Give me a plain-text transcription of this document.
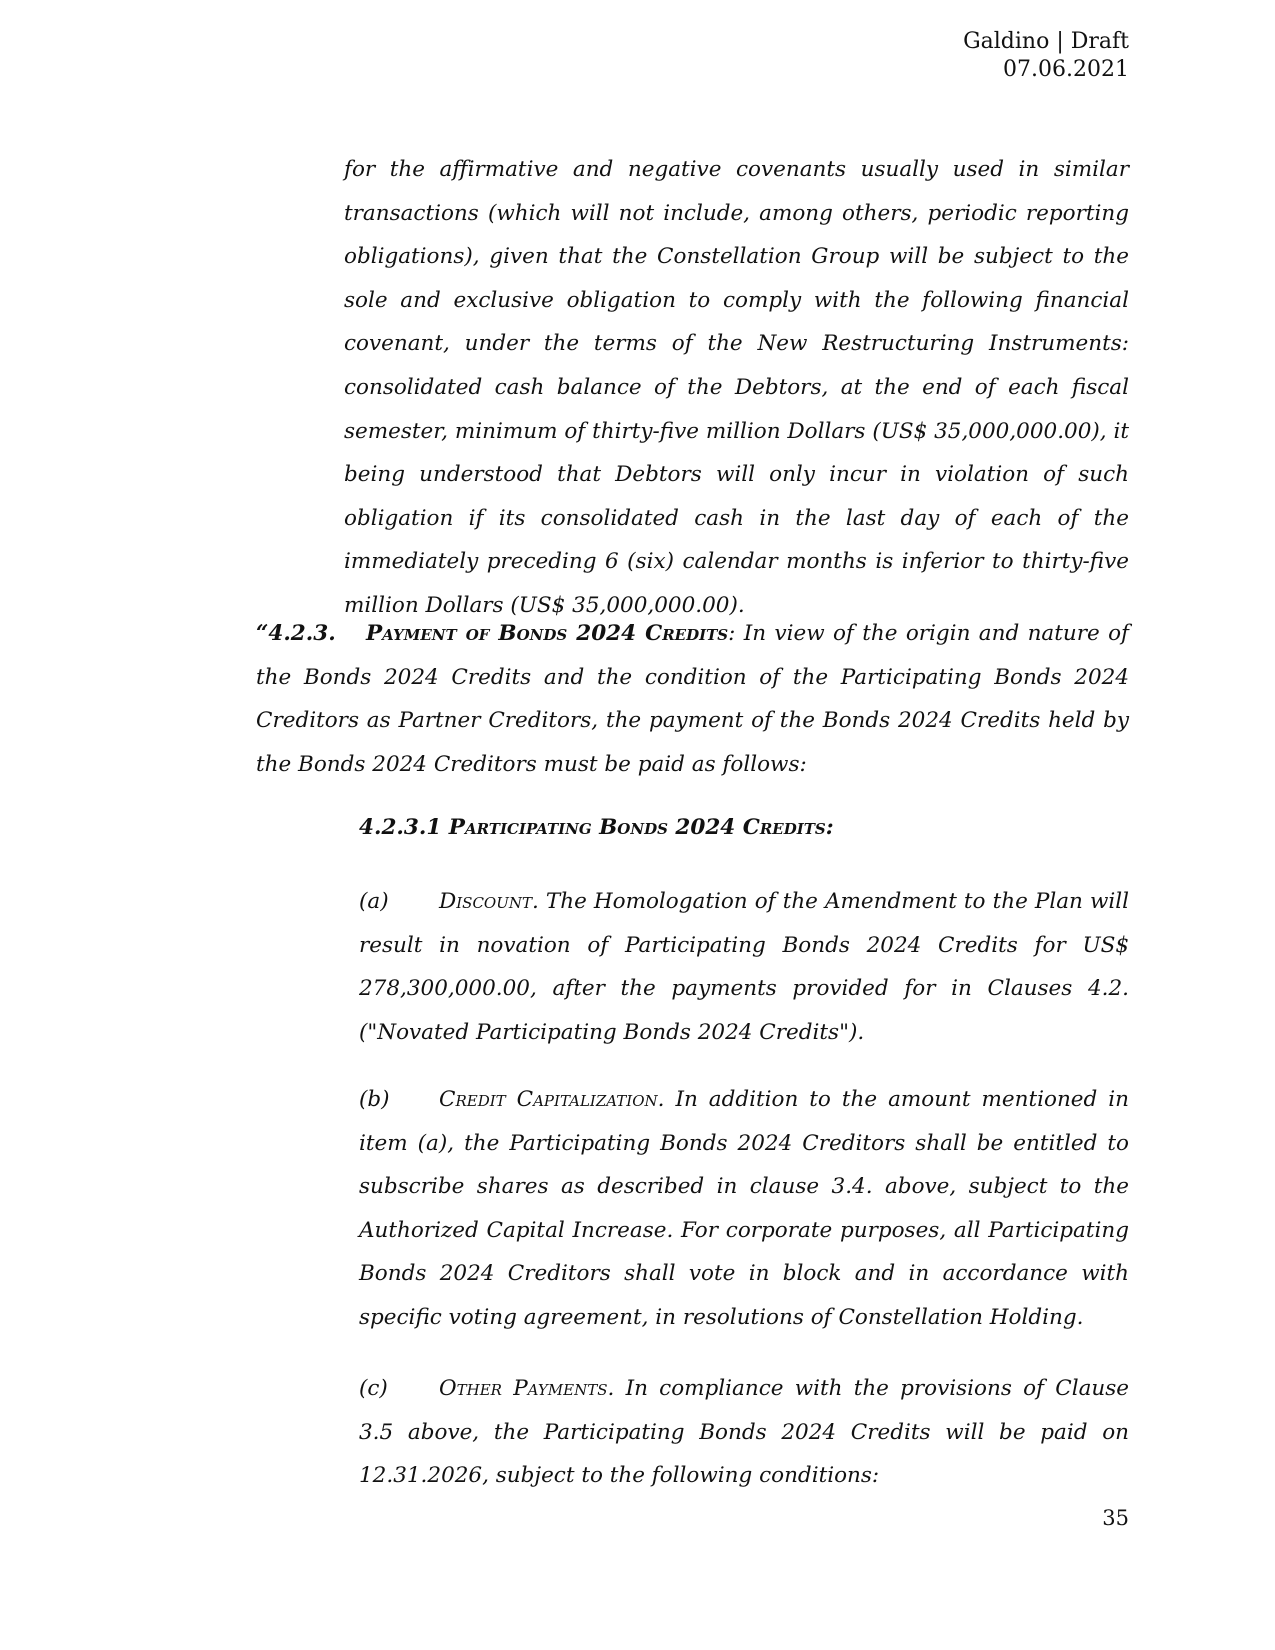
Galdino | Draft
07.06.2021
for the affirmative and negative covenants usually used in similar transactions (which will not include, among others, periodic reporting obligations), given that the Constellation Group will be subject to the sole and exclusive obligation to comply with the following financial covenant, under the terms of the New Restructuring Instruments: consolidated cash balance of the Debtors, at the end of each fiscal semester, minimum of thirty-five million Dollars (US$ 35,000,000.00), it being understood that Debtors will only incur in violation of such obligation if its consolidated cash in the last day of each of the immediately preceding 6 (six) calendar months is inferior to thirty-five million Dollars (US$ 35,000,000.00).
“4.2.3. Payment of Bonds 2024 Credits: In view of the origin and nature of the Bonds 2024 Credits and the condition of the Participating Bonds 2024 Creditors as Partner Creditors, the payment of the Bonds 2024 Credits held by the Bonds 2024 Creditors must be paid as follows:
4.2.3.1 Participating Bonds 2024 Credits:
(a) Discount. The Homologation of the Amendment to the Plan will result in novation of Participating Bonds 2024 Credits for US$ 278,300,000.00, after the payments provided for in Clauses 4.2. ("Novated Participating Bonds 2024 Credits").
(b) Credit Capitalization. In addition to the amount mentioned in item (a), the Participating Bonds 2024 Creditors shall be entitled to subscribe shares as described in clause 3.4. above, subject to the Authorized Capital Increase. For corporate purposes, all Participating Bonds 2024 Creditors shall vote in block and in accordance with specific voting agreement, in resolutions of Constellation Holding.
(c) Other Payments. In compliance with the provisions of Clause 3.5 above, the Participating Bonds 2024 Credits will be paid on 12.31.2026, subject to the following conditions:
35
